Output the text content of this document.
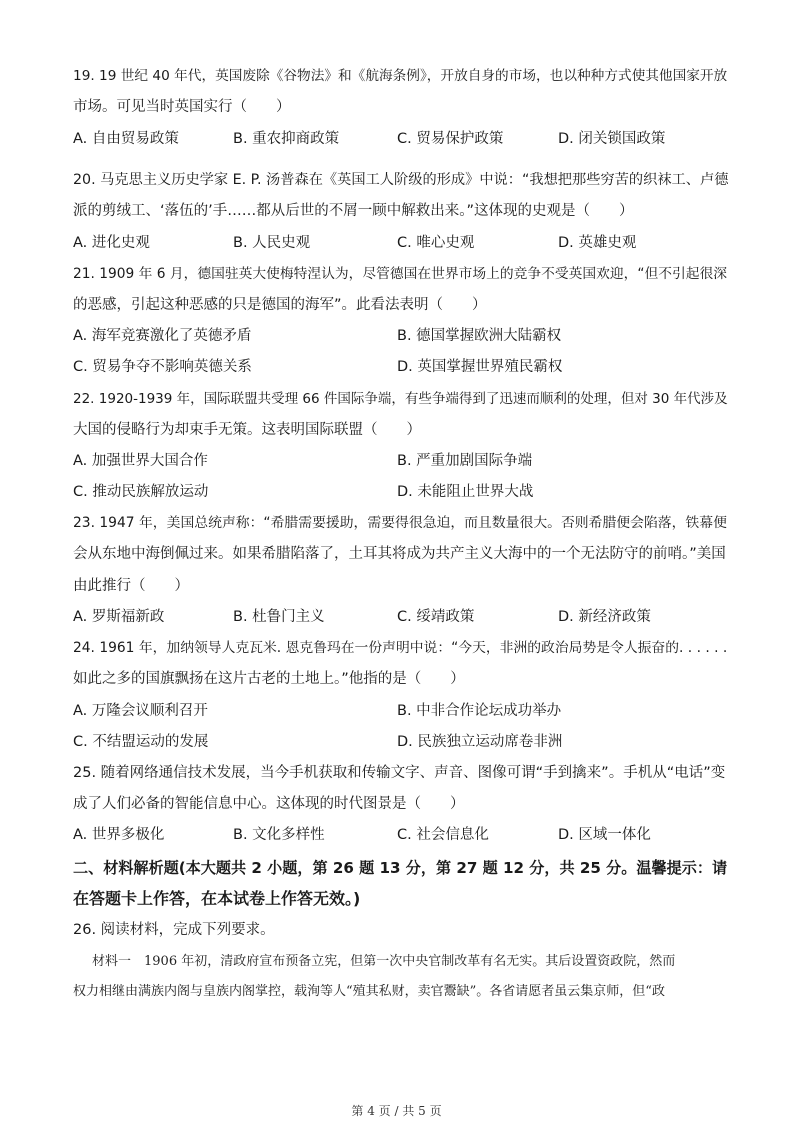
19. 19 世纪 40 年代，英国废除《谷物法》和《航海条例》，开放自身的市场，也以种种方式使其他国家开放
市场。可见当时英国实行（　　）
A. 自由贸易政策	B. 重农抑商政策	C. 贸易保护政策	D. 闭关锁国政策
20. 马克思主义历史学家 E. P. 汤普森在《英国工人阶级的形成》中说：“我想把那些穷苦的织袜工、卢德
派的剪绒工、‘落伍的’手……都从后世的不屑一顾中解救出来。”这体现的史观是（　　）
A. 进化史观	B. 人民史观	C. 唯心史观	D. 英雄史观
21. 1909 年 6 月，德国驻英大使梅特涅认为，尽管德国在世界市场上的竞争不受英国欢迎，“但不引起很深
的恶感，引起这种恶感的只是德国的海军”。此看法表明（　　）
A. 海军竞赛激化了英德矛盾	B. 德国掌握欧洲大陆霸权
C. 贸易争夺不影响英德关系	D. 英国掌握世界殖民霸权
22. 1920-1939 年，国际联盟共受理 66 件国际争端，有些争端得到了迅速而顺利的处理，但对 30 年代涉及
大国的侵略行为却束手无策。这表明国际联盟（　　）
A. 加强世界大国合作	B. 严重加剧国际争端
C. 推动民族解放运动	D. 未能阻止世界大战
23. 1947 年，美国总统声称：“希腊需要援助，需要得很急迫，而且数量很大。否则希腊便会陷落，铁幕便
会从东地中海倒佩过来。如果希腊陷落了，土耳其将成为共产主义大海中的一个无法防守的前哨。”美国
由此推行（　　）
A. 罗斯福新政	B. 杜鲁门主义	C. 绥靖政策	D. 新经济政策
24. 1961 年，加纳领导人克瓦米. 恩克鲁玛在一份声明中说：“今天，非洲的政治局势是令人振奋的. . . . . .
如此之多的国旗飘扬在这片古老的土地上。”他指的是（　　）
A. 万隆会议顺利召开	B. 中非合作论坛成功举办
C. 不结盟运动的发展	D. 民族独立运动席卷非洲
25. 随着网络通信技术发展，当今手机获取和传输文字、声音、图像可谓“手到擒来”。手机从“电话”变
成了人们必备的智能信息中心。这体现的时代图景是（　　）
A. 世界多极化	B. 文化多样性	C. 社会信息化	D. 区域一体化
二、材料解析题(本大题共 2 小题，第 26 题 13 分，第 27 题 12 分，共 25 分。温馨提示：请
在答题卡上作答，在本试卷上作答无效。)
26. 阅读材料，完成下列要求。
材料一　1906 年初，清政府宣布预备立宪，但第一次中央官制改革有名无实。其后设置资政院，然而
权力相继由满族内阁与皇族内阁掌控，载洵等人“殖其私财，卖官鬻缺”。各省请愿者虽云集京师，但“政
第 4 页 / 共 5 页
